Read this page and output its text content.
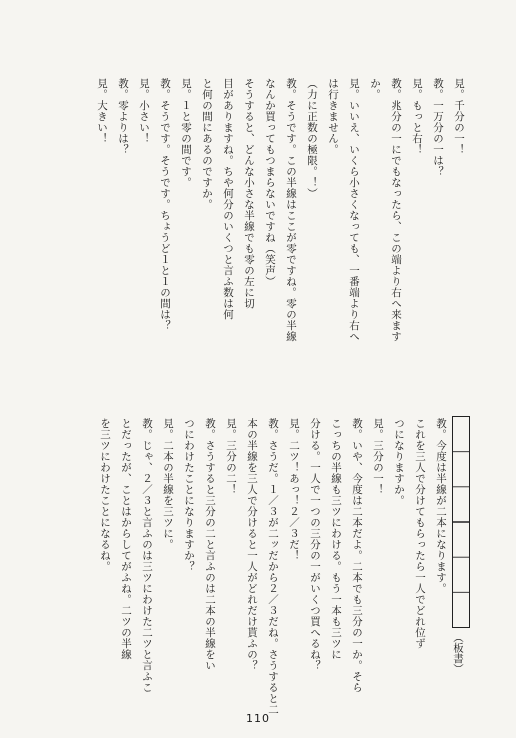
見。千分の一！
教。一万分の一は？
見。もっと右！
教。兆分の一にでもなったら、この端より右へ来ます
か。
見。いいえ、いくら小さくなっても、一番端より右へ
は行きません。
（力に正数の極限。！）
教。そうです。この半線はここが零ですね。零の半線
なんか買ってもつまらないですね（笑声）
そうすると、どんな小さな半線でも零の左に切
目がありますね。ちや何分のいくつと言ふ数は何
と何の間にあるのですか。
見。１と零の間です。
教。そうです。そうです。ちょうど１と１の間は？
見。小さい！
教。零よりは？
見。大きい！
（板書）
教。今度は半線が二本になります。
これを三人で分けてもらったら一人でどれ位ず
つになりますか。
見。三分の一！
教。いや、今度は二本だよ。二本でも三分の一か。そら
こっちの半線も三ツにわける。もう一本も三ツに
分ける。一人で一つの三分の一がいくつ買へるね？
見。二ツ！あっ！２／３だ！
教。さうだ。１／３が二ッだから２／３だね。さうすると二
本の半線を三人で分けると一人がどれだけ貰ふの？
見。三分の二！
教。さうすると三分の二と言ふのは二本の半線をい
つにわけたことになりますか？
見。二本の半線を三ツに。
教。じゃ、２／３と言ふのは三ツにわけた二ツと言ふこ
とだったが、ことはからしてがふね。二ツの半線
を三ツにわけたことになるね。
110
